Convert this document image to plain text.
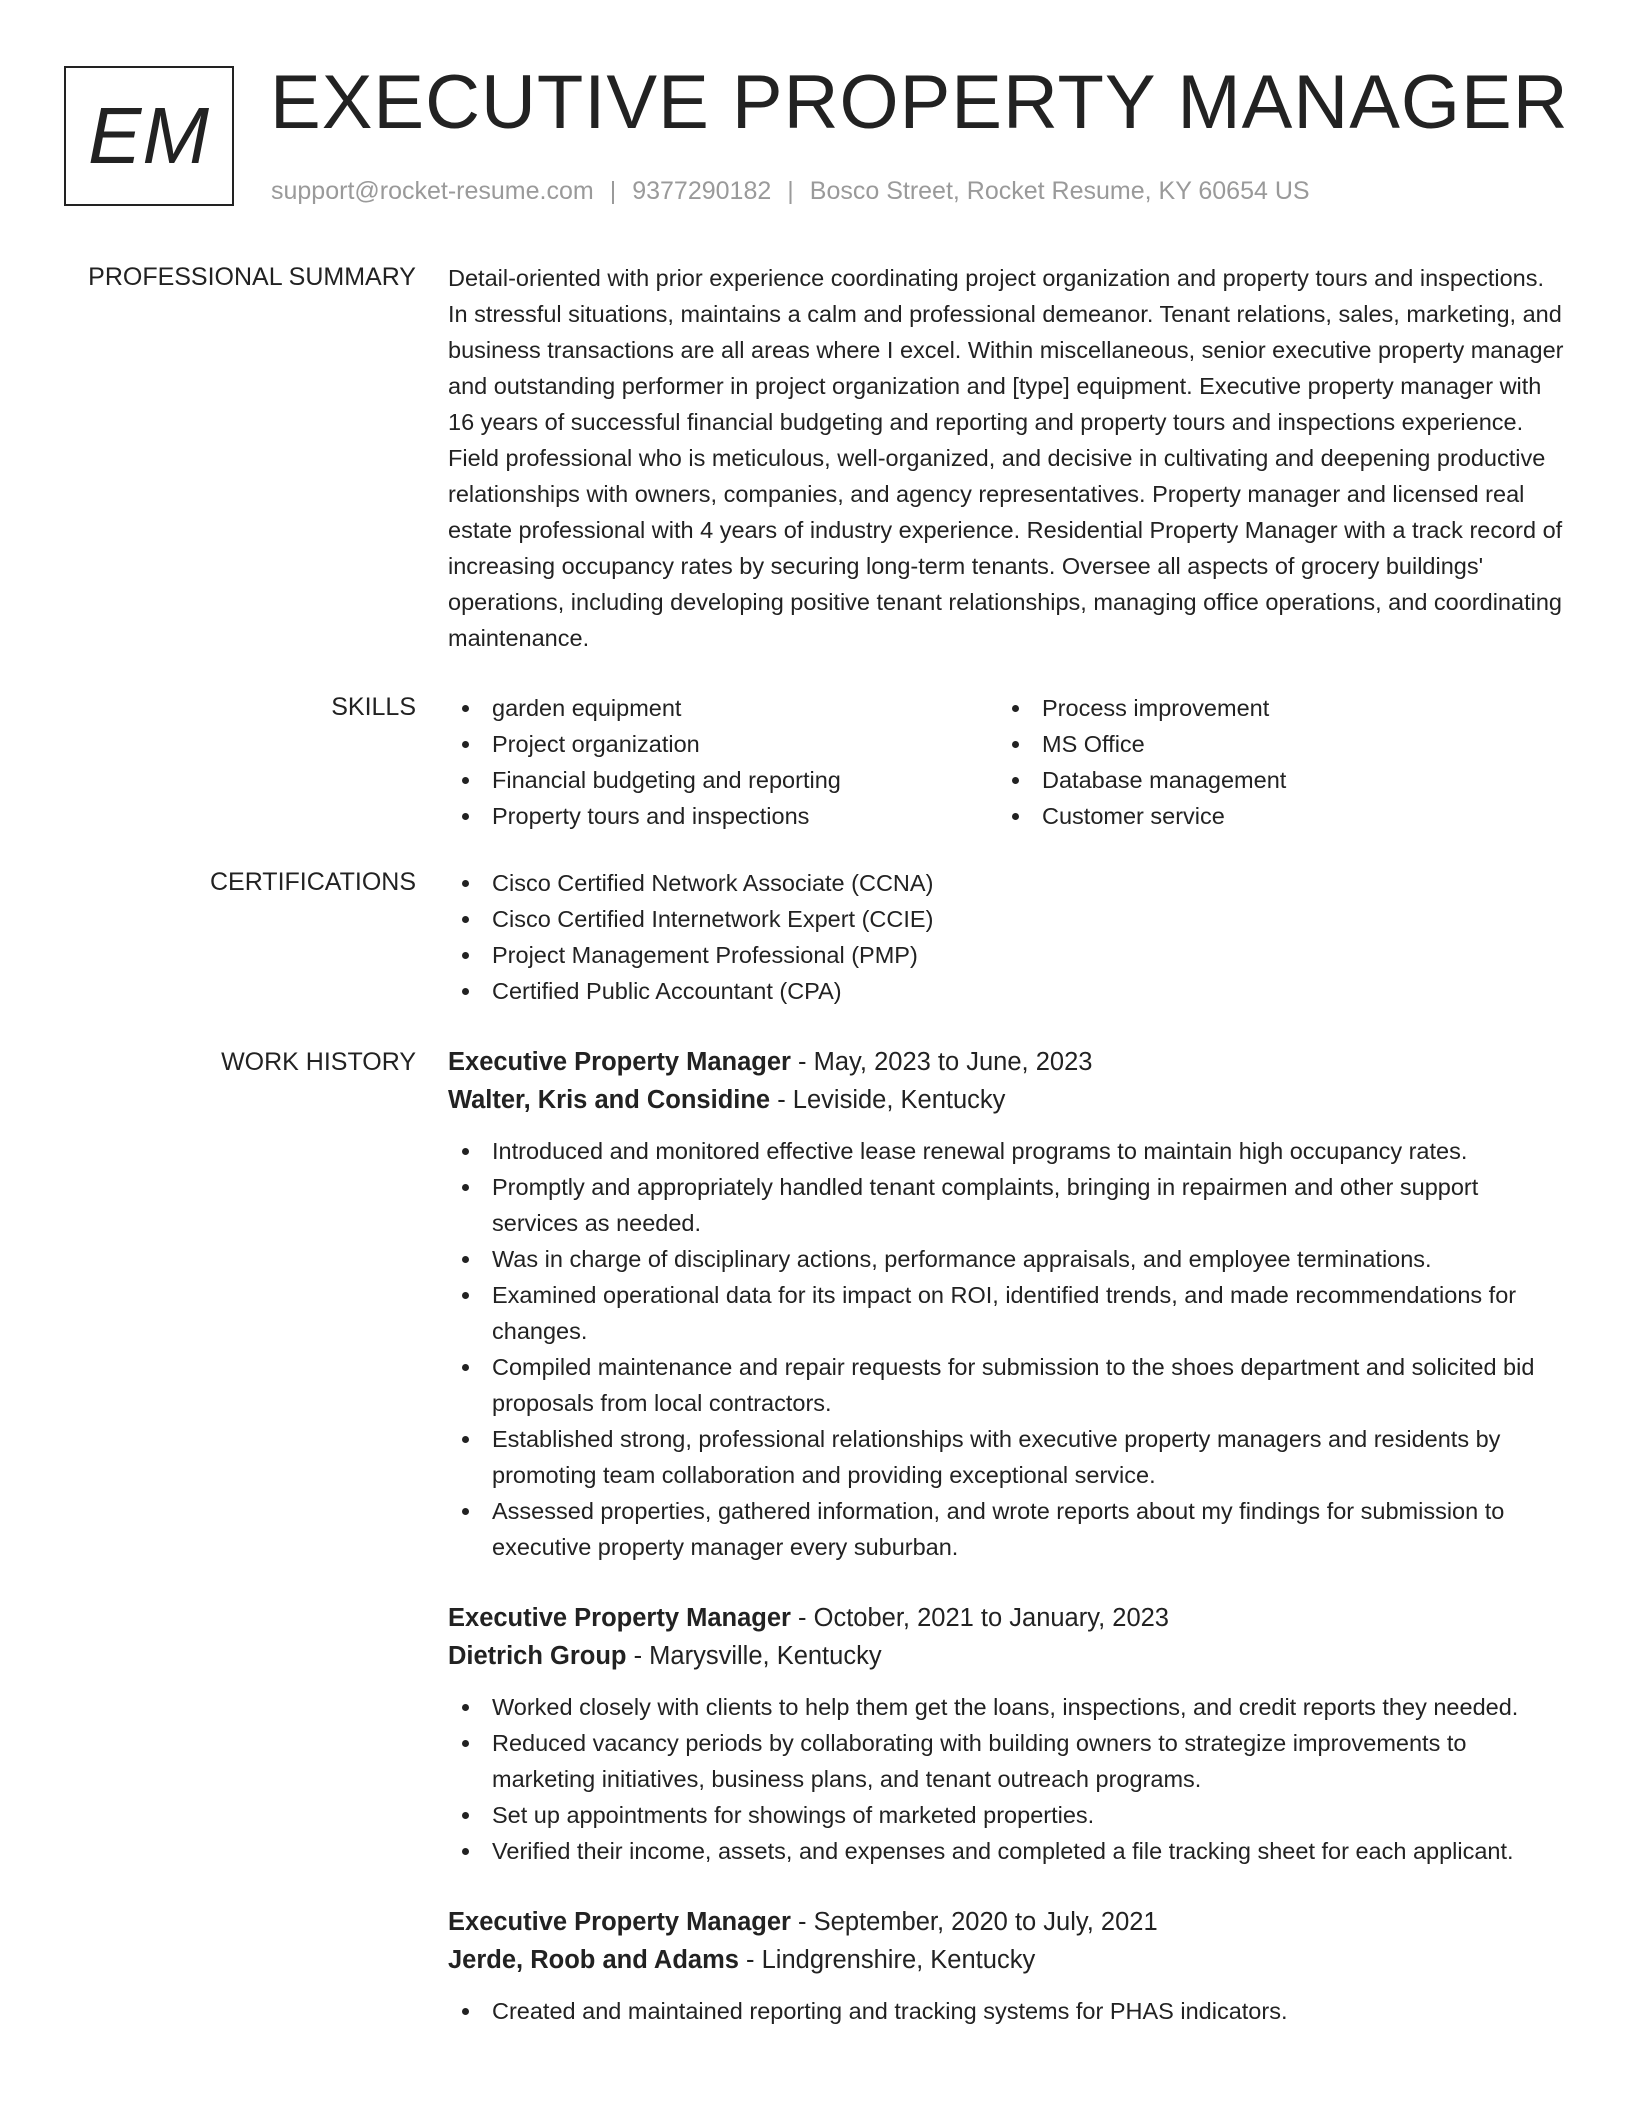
EM EXECUTIVE PROPERTY MANAGER
support@rocket-resume.com | 9377290182 | Bosco Street, Rocket Resume, KY 60654 US
PROFESSIONAL SUMMARY Detail-oriented with prior experience coordinating project organization and property tours and inspections. In stressful situations, maintains a calm and professional demeanor. Tenant relations, sales, marketing, and business transactions are all areas where I excel. Within miscellaneous, senior executive property manager and outstanding performer in project organization and [type] equipment. Executive property manager with 16 years of successful financial budgeting and reporting and property tours and inspections experience. Field professional who is meticulous, well-organized, and decisive in cultivating and deepening productive relationships with owners, companies, and agency representatives. Property manager and licensed real estate professional with 4 years of industry experience. Residential Property Manager with a track record of increasing occupancy rates by securing long-term tenants. Oversee all aspects of grocery buildings' operations, including developing positive tenant relationships, managing office operations, and coordinating maintenance.

SKILLS	garden equipment
Project organization
Financial budgeting and reporting
Property tours and inspections
Process improvement
MS Office
Database management
Customer service
CERTIFICATIONS	Cisco Certified Network Associate (CCNA)
Cisco Certified Internetwork Expert (CCIE)
Project Management Professional (PMP)
Certified Public Accountant (CPA)
WORK HISTORY Executive Property Manager - May, 2023 to June, 2023
Walter, Kris and Considine - Leviside, Kentucky
Introduced and monitored effective lease renewal programs to maintain high occupancy rates.
Promptly and appropriately handled tenant complaints, bringing in repairmen and other support services as needed.
Was in charge of disciplinary actions, performance appraisals, and employee terminations.
Examined operational data for its impact on ROI, identified trends, and made recommendations for changes.
Compiled maintenance and repair requests for submission to the shoes department and solicited bid proposals from local contractors.
Established strong, professional relationships with executive property managers and residents by promoting team collaboration and providing exceptional service.
Assessed properties, gathered information, and wrote reports about my findings for submission to executive property manager every suburban.
Executive Property Manager - October, 2021 to January, 2023
Dietrich Group - Marysville, Kentucky
Worked closely with clients to help them get the loans, inspections, and credit reports they needed.
Reduced vacancy periods by collaborating with building owners to strategize improvements to marketing initiatives, business plans, and tenant outreach programs.
Set up appointments for showings of marketed properties.
Verified their income, assets, and expenses and completed a file tracking sheet for each applicant.
Executive Property Manager - September, 2020 to July, 2021
Jerde, Roob and Adams - Lindgrenshire, Kentucky
Created and maintained reporting and tracking systems for PHAS indicators.
